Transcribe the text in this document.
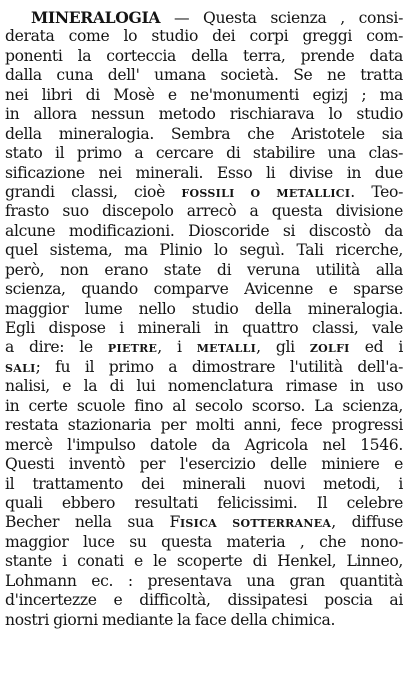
MINERALOGIA — Questa scienza , consi-
derata come lo studio dei corpi greggi com-
ponenti la corteccia della terra, prende data
dalla cuna dell' umana società. Se ne tratta
nei libri di Mosè e ne'monumenti egizj ; ma
in allora nessun metodo rischiarava lo studio
della mineralogia. Sembra che Aristotele sia
stato il primo a cercare di stabilire una clas-
sificazione nei minerali. Esso li divise in due
grandi classi, cioè FOSSILI O METALLICI. Teo-
frasto suo discepolo arrecò a questa divisione
alcune modificazioni. Dioscoride si discostò da
quel sistema, ma Plinio lo seguì. Tali ricerche,
però, non erano state di veruna utilità alla
scienza, quando comparve Avicenne e sparse
maggior lume nello studio della mineralogia.
Egli dispose i minerali in quattro classi, vale
a dire: le PIETRE, i METALLI, gli ZOLFI ed i
SALI; fu il primo a dimostrare l'utilità dell'a-
nalisi, e la di lui nomenclatura rimase in uso
in certe scuole fino al secolo scorso. La scienza,
restata stazionaria per molti anni, fece progressi
mercè l'impulso datole da Agricola nel 1546.
Questi inventò per l'esercizio delle miniere e
il trattamento dei minerali nuovi metodi, i
quali ebbero resultati felicissimi. Il celebre
Becher nella sua FISICA SOTTERRANEA, diffuse
maggior luce su questa materia , che nono-
stante i conati e le scoperte di Henkel, Linneo,
Lohmann ec. : presentava una gran quantità
d'incertezze e difficoltà, dissipatesi poscia ai
nostri giorni mediante la face della chimica.
